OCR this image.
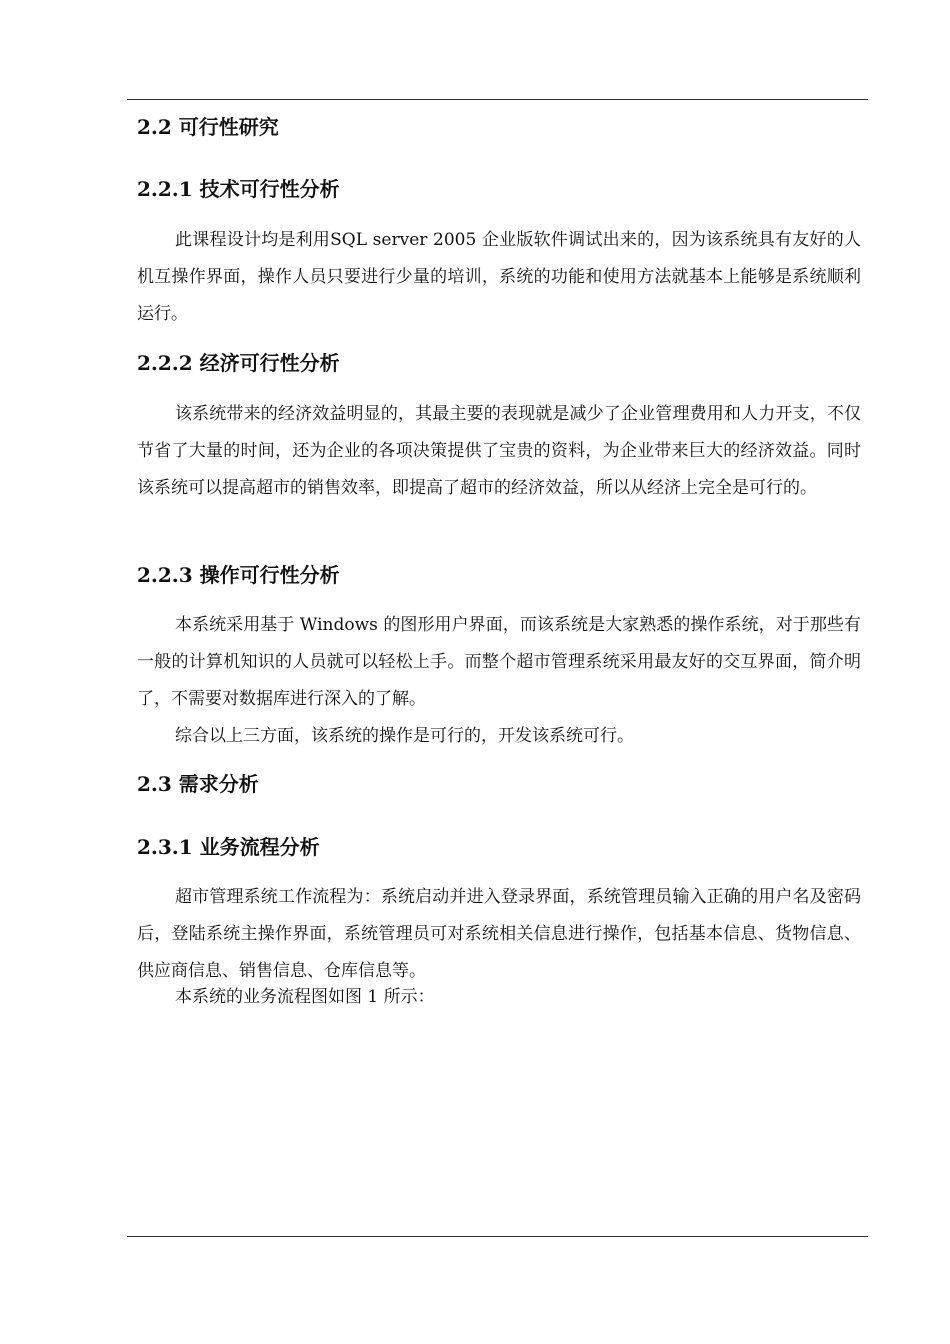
2.2 可行性研究
2.2.1 技术可行性分析
此课程设计均是利用SQL server 2005 企业版软件调试出来的，因为该系统具有友好的人机互操作界面，操作人员只要进行少量的培训，系统的功能和使用方法就基本上能够是系统顺利运行。
2.2.2 经济可行性分析
该系统带来的经济效益明显的，其最主要的表现就是减少了企业管理费用和人力开支，不仅节省了大量的时间，还为企业的各项决策提供了宝贵的资料，为企业带来巨大的经济效益。同时该系统可以提高超市的销售效率，即提高了超市的经济效益，所以从经济上完全是可行的。
2.2.3 操作可行性分析
本系统采用基于 Windows 的图形用户界面，而该系统是大家熟悉的操作系统，对于那些有一般的计算机知识的人员就可以轻松上手。而整个超市管理系统采用最友好的交互界面，简介明了，不需要对数据库进行深入的了解。
综合以上三方面，该系统的操作是可行的，开发该系统可行。
2.3 需求分析
2.3.1 业务流程分析
超市管理系统工作流程为：系统启动并进入登录界面，系统管理员输入正确的用户名及密码后，登陆系统主操作界面，系统管理员可对系统相关信息进行操作，包括基本信息、货物信息、供应商信息、销售信息、仓库信息等。
本系统的业务流程图如图 1 所示：
